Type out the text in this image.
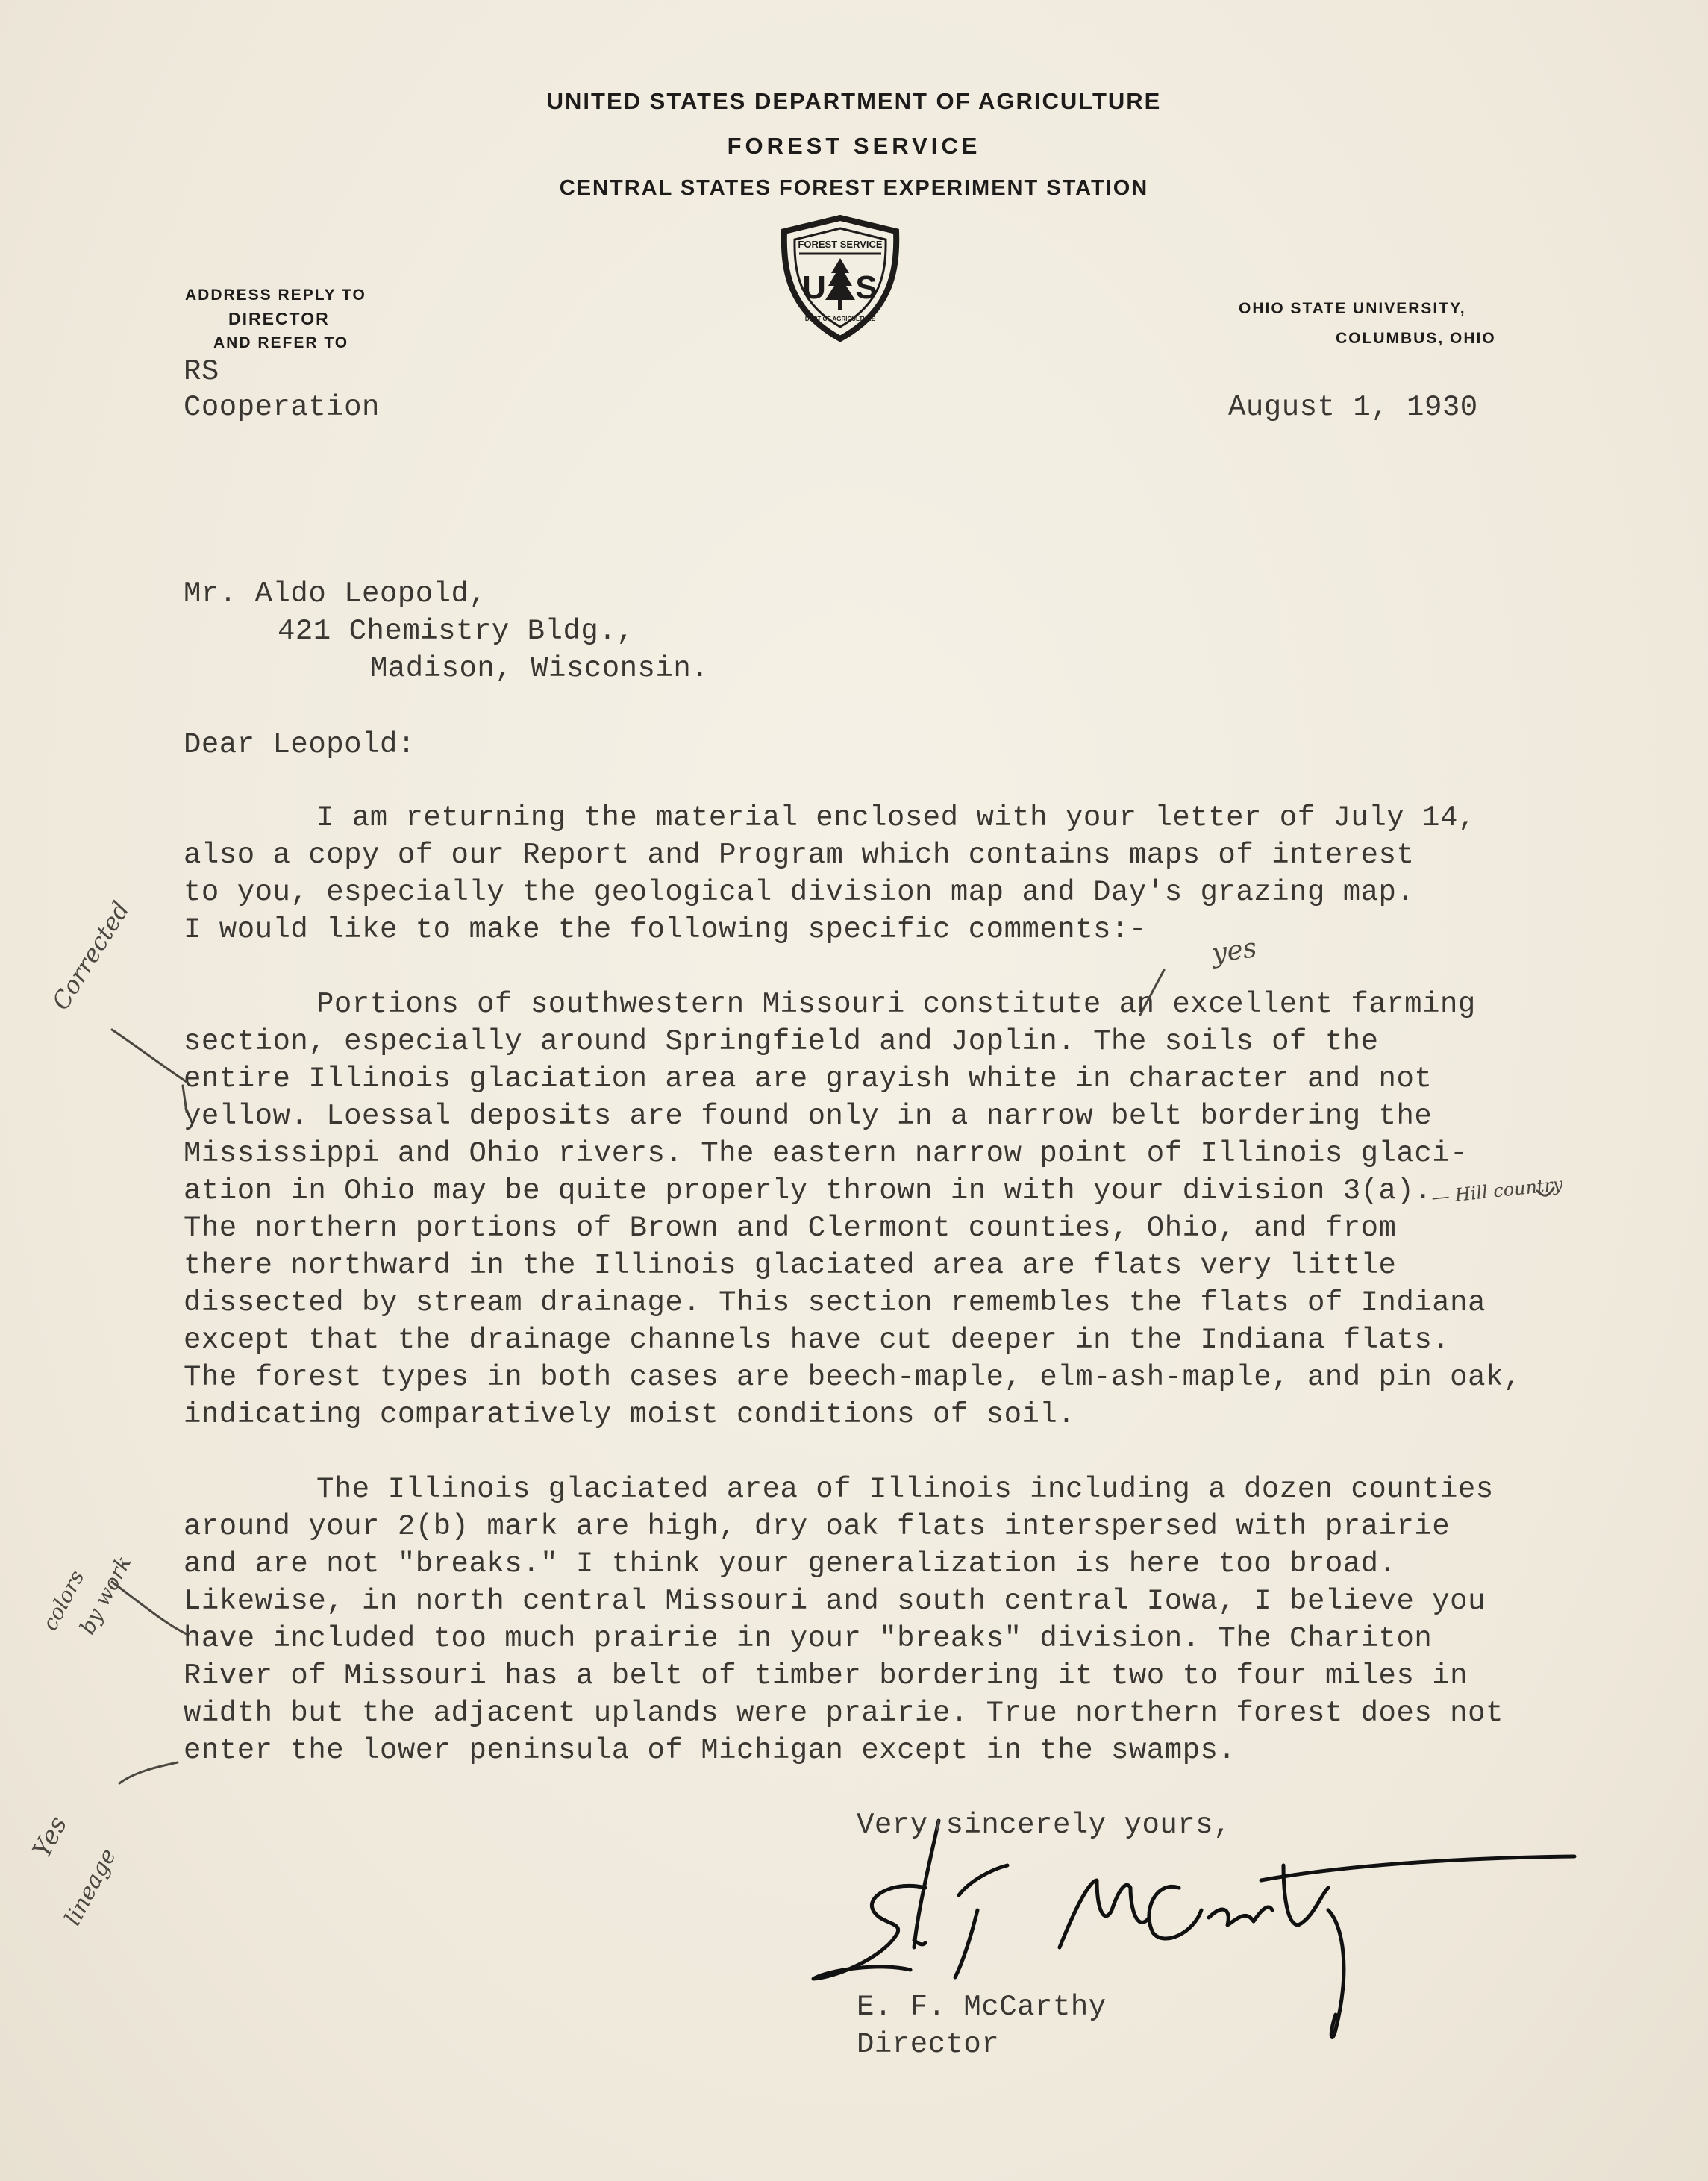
UNITED STATES DEPARTMENT OF AGRICULTURE
FOREST SERVICE
CENTRAL STATES FOREST EXPERIMENT STATION
FOREST SERVICE
U S
DEPT OF AGRICULTURE
ADDRESS REPLY TO
DIRECTOR
AND REFER TO
OHIO STATE UNIVERSITY,
COLUMBUS, OHIO
RS
Cooperation	August 1, 1930
Mr. Aldo Leopold,
421 Chemistry Bldg.,
Madison, Wisconsin.
Dear Leopold:
I am returning the material enclosed with your letter of July 14,
also a copy of our Report and Program which contains maps of interest
to you, especially the geological division map and Day's grazing map.
I would like to make the following specific comments:-
Portions of southwestern Missouri constitute an excellent farming
section, especially around Springfield and Joplin. The soils of the
entire Illinois glaciation area are grayish white in character and not
yellow. Loessal deposits are found only in a narrow belt bordering the
Mississippi and Ohio rivers. The eastern narrow point of Illinois glaci-
ation in Ohio may be quite properly thrown in with your division 3(a).
The northern portions of Brown and Clermont counties, Ohio, and from
there northward in the Illinois glaciated area are flats very little
dissected by stream drainage. This section remembles the flats of Indiana
except that the drainage channels have cut deeper in the Indiana flats.
The forest types in both cases are beech-maple, elm-ash-maple, and pin oak,
indicating comparatively moist conditions of soil.
The Illinois glaciated area of Illinois including a dozen counties
around your 2(b) mark are high, dry oak flats interspersed with prairie
and are not "breaks." I think your generalization is here too broad.
Likewise, in north central Missouri and south central Iowa, I believe you
have included too much prairie in your "breaks" division. The Chariton
River of Missouri has a belt of timber bordering it two to four miles in
width but the adjacent uplands were prairie. True northern forest does not
enter the lower peninsula of Michigan except in the swamps.
Very sincerely yours,
E. F. McCarthy
Director
Corrected	yes
— Hill country
colors
by work
Yes
lineage
